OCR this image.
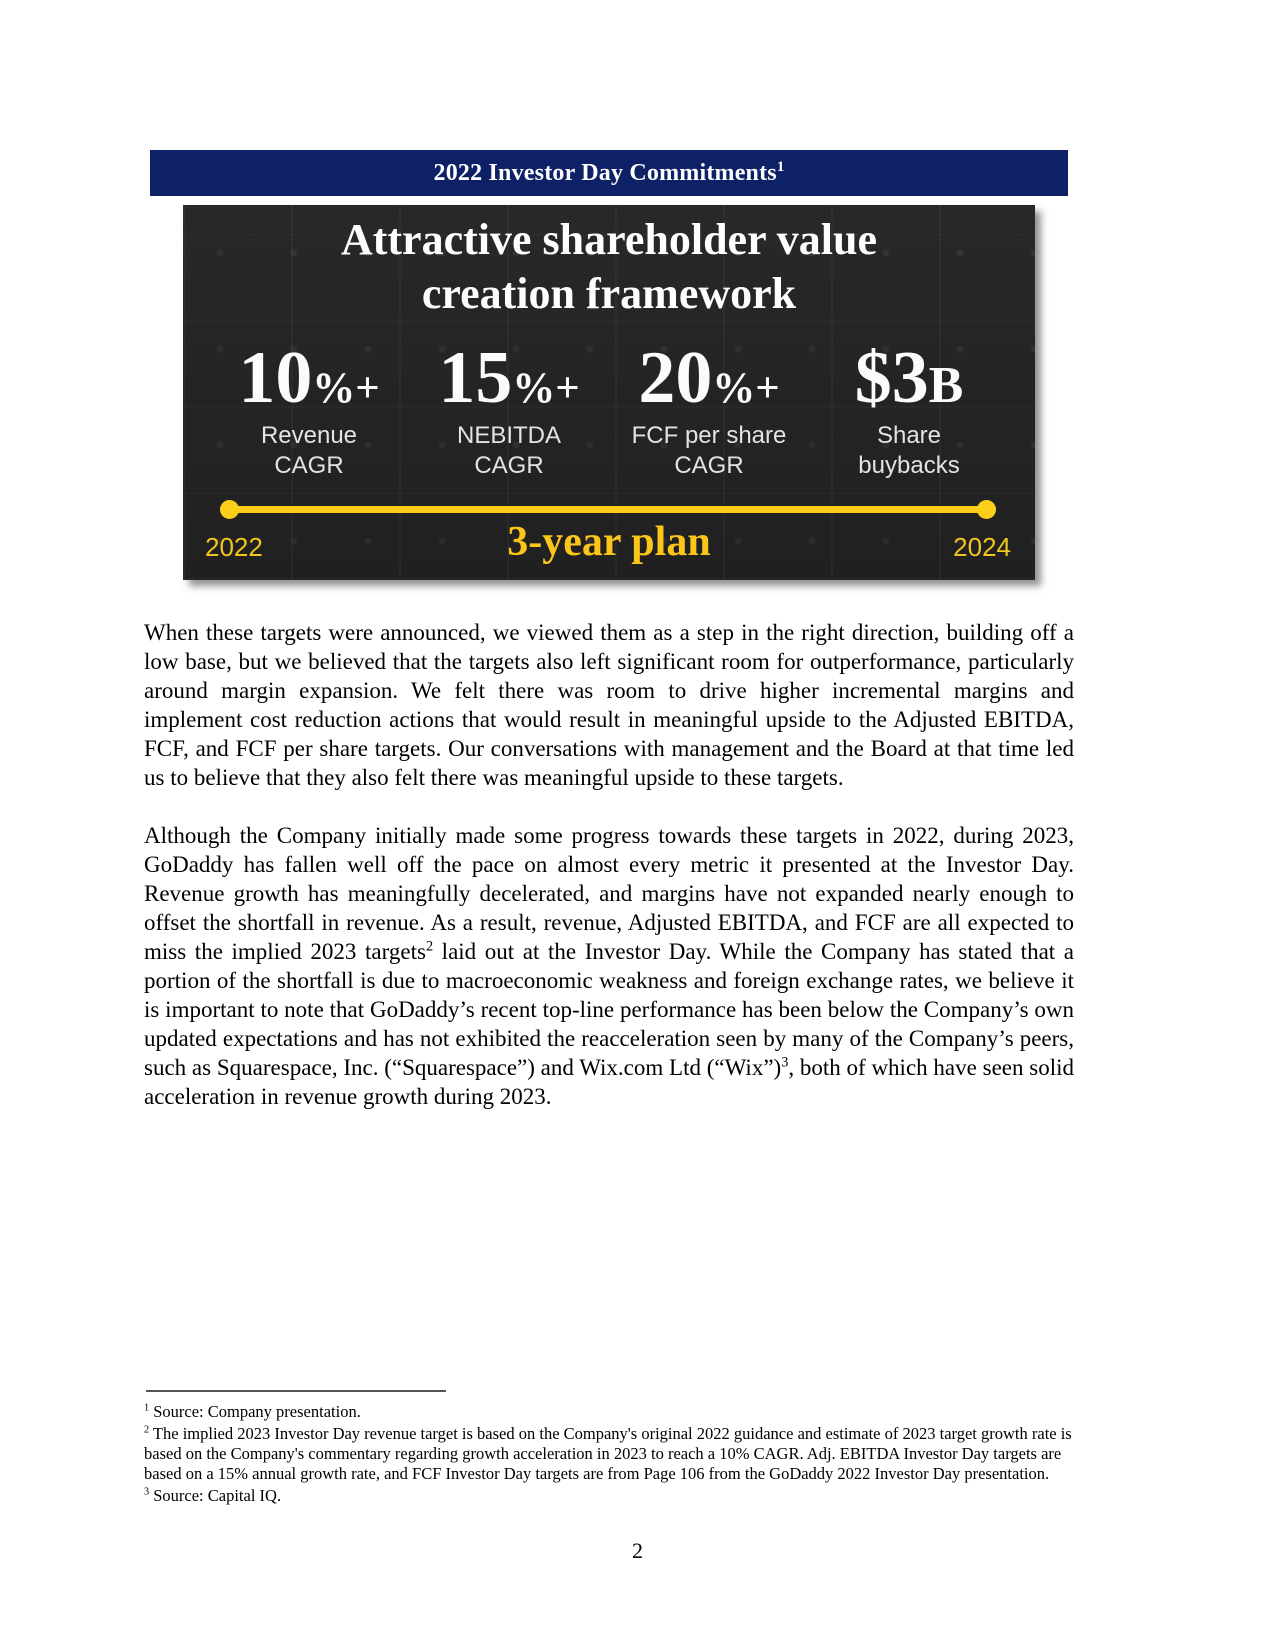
2022 Investor Day Commitments$^1$
Attractive shareholder value
creation framework
10%+
Revenue
CAGR
15%+
NEBITDA
CAGR
20%+
FCF per share
CAGR
$3B
Share
buybacks
2022	2024
3-year plan

When these targets were announced, we viewed them as a step in the right direction, building off a low base, but we believed that the targets also left significant room for outperformance, particularly around margin expansion. We felt there was room to drive higher incremental margins and implement cost reduction actions that would result in meaningful upside to the Adjusted EBITDA, FCF, and FCF per share targets. Our conversations with management and the Board at that time led us to believe that they also felt there was meaningful upside to these targets.

Although the Company initially made some progress towards these targets in 2022, during 2023, GoDaddy has fallen well off the pace on almost every metric it presented at the Investor Day. Revenue growth has meaningfully decelerated, and margins have not expanded nearly enough to offset the shortfall in revenue. As a result, revenue, Adjusted EBITDA, and FCF are all expected to miss the implied 2023 targets$^2$ laid out at the Investor Day. While the Company has stated that a portion of the shortfall is due to macroeconomic weakness and foreign exchange rates, we believe it is important to note that GoDaddy’s recent top-line performance has been below the Company’s own updated expectations and has not exhibited the reacceleration seen by many of the Company’s peers, such as Squarespace, Inc. (“Squarespace”) and Wix.com Ltd (“Wix”)$^3$, both of which have seen solid acceleration in revenue growth during 2023.

$^1$ Source: Company presentation.
$^2$ The implied 2023 Investor Day revenue target is based on the Company's original 2022 guidance and estimate of 2023 target growth rate is based on the Company's commentary regarding growth acceleration in 2023 to reach a 10% CAGR. Adj. EBITDA Investor Day targets are based on a 15% annual growth rate, and FCF Investor Day targets are from Page 106 from the GoDaddy 2022 Investor Day presentation.
$^3$ Source: Capital IQ.
2
